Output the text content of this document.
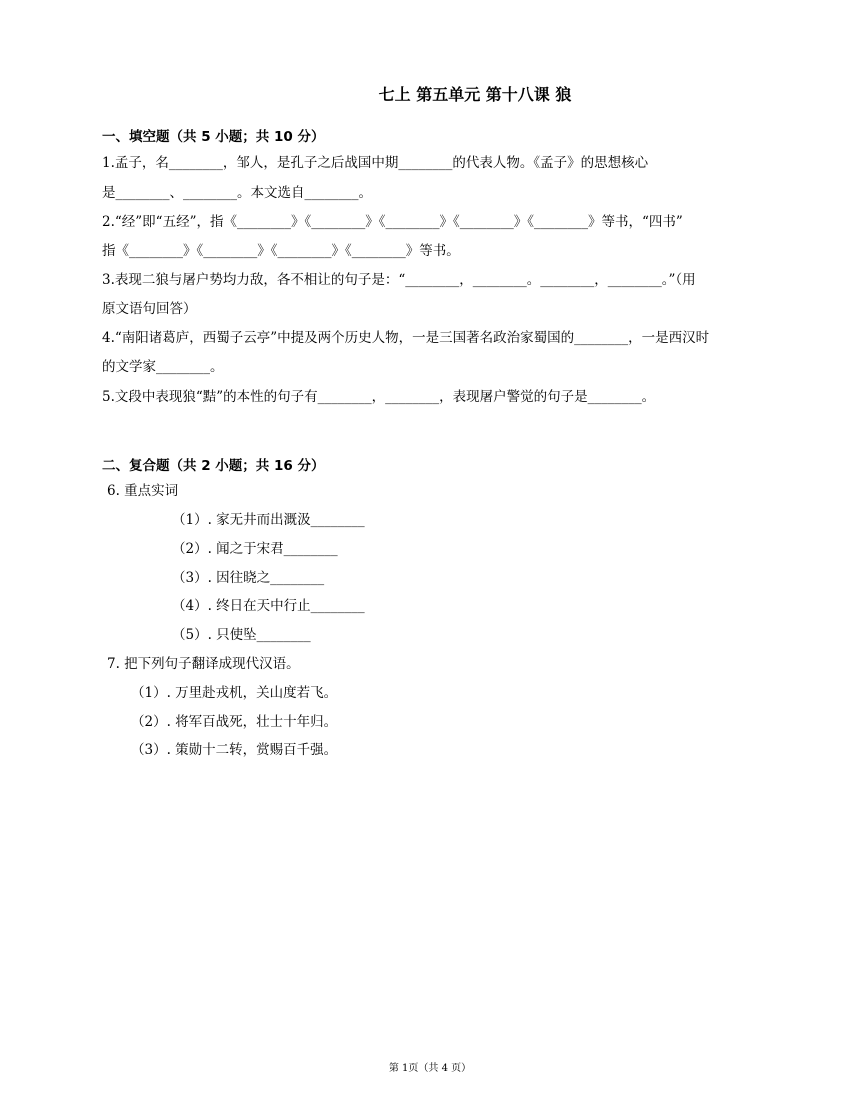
七上 第五单元 第十八课 狼
一、填空题（共 5 小题；共 10 分）
1.孟子，名________，邹人，是孔子之后战国中期________的代表人物。《孟子》的思想核心
是________、________。本文选自________。
2.“经”即“五经”，指《________》《________》《________》《________》《________》等书，“四书”
指《________》《________》《________》《________》等书。
3.表现二狼与屠户势均力敌，各不相让的句子是：“________，________。________，________。”（用
原文语句回答）
4.“南阳诸葛庐，西蜀子云亭”中提及两个历史人物，一是三国著名政治家蜀国的________，一是西汉时
的文学家________。
5.文段中表现狼“黠”的本性的句子有________，________，表现屠户警觉的句子是________。
二、复合题（共 2 小题；共 16 分）
6. 重点实词
（1）. 家无井而出溉汲________
（2）. 闻之于宋君________
（3）. 因往晓之________
（4）. 终日在天中行止________
（5）. 只使坠________
7. 把下列句子翻译成现代汉语。
（1）. 万里赴戎机，关山度若飞。
（2）. 将军百战死，壮士十年归。
（3）. 策勋十二转，赏赐百千强。
第 1页（共 4 页）
